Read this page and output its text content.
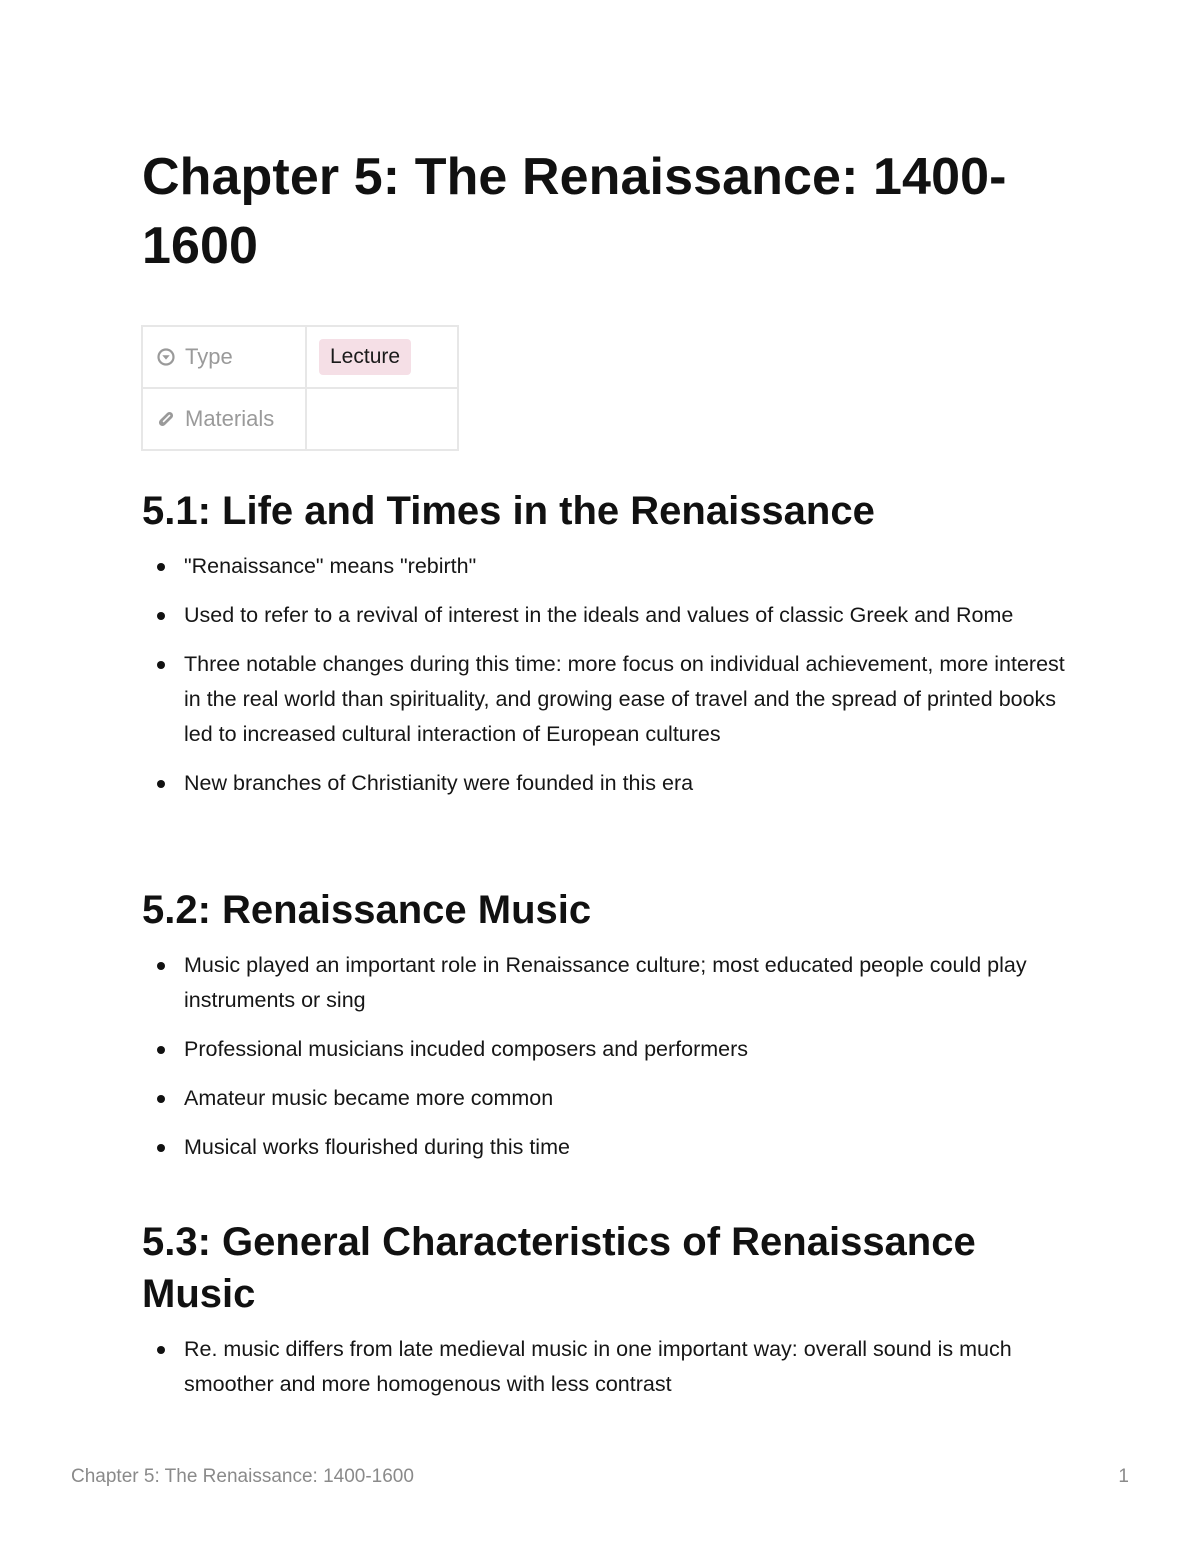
Chapter 5: The Renaissance: 1400-1600
Type	Lecture

Materials	

5.1: Life and Times in the Renaissance
"Renaissance" means "rebirth"
Used to refer to a revival of interest in the ideals and values of classic Greek and Rome
Three notable changes during this time: more focus on individual achievement, more interest in the real world than spirituality, and growing ease of travel and the spread of printed books led to increased cultural interaction of European cultures
New branches of Christianity were founded in this era
5.2: Renaissance Music
Music played an important role in Renaissance culture; most educated people could play instruments or sing
Professional musicians incuded composers and performers
Amateur music became more common
Musical works flourished during this time
5.3: General Characteristics of Renaissance Music
Re. music differs from late medieval music in one important way: overall sound is much smoother and more homogenous with less contrast
Chapter 5: The Renaissance: 1400-1600	1
